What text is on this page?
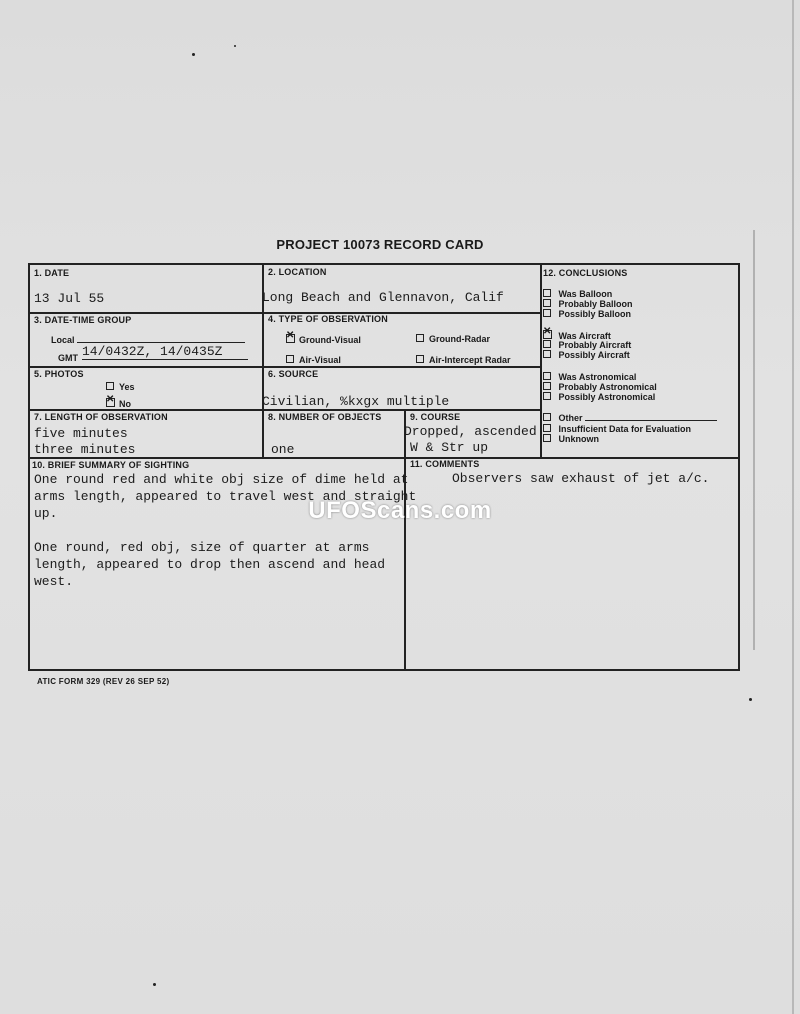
PROJECT 10073 RECORD CARD
1. DATE
13 Jul 55
2. LOCATION
Long Beach and Glennavon, Calif
3. DATE-TIME GROUP
Local
GMT 14/0432Z, 14/0435Z
4. TYPE OF OBSERVATION
✕Ground-Visual	Ground-Radar
Air-Visual	Air-Intercept Radar
5. PHOTOS
Yes
✕No
6. SOURCE
Civilian, %kxgx multiple
7. LENGTH OF OBSERVATION
five minutes
three minutes
8. NUMBER OF OBJECTS
one
9. COURSE
Dropped, ascended
W & Str up
12. CONCLUSIONS
Was Balloon
Probably Balloon
Possibly Balloon
✕ Was Aircraft
Probably Aircraft
Possibly Aircraft
Was Astronomical
Probably Astronomical
Possibly Astronomical
Other
Insufficient Data for Evaluation
Unknown
10. BRIEF SUMMARY OF SIGHTING

One round red and white obj size of dime held at
arms length, appeared to travel west and straight
up.

One round, red obj, size of quarter at arms
length, appeared to drop then ascend and head
west.

11. COMMENTS
Observers saw exhaust of jet a/c.
ATIC FORM 329 (REV 26 SEP 52)
UFOScans.com
